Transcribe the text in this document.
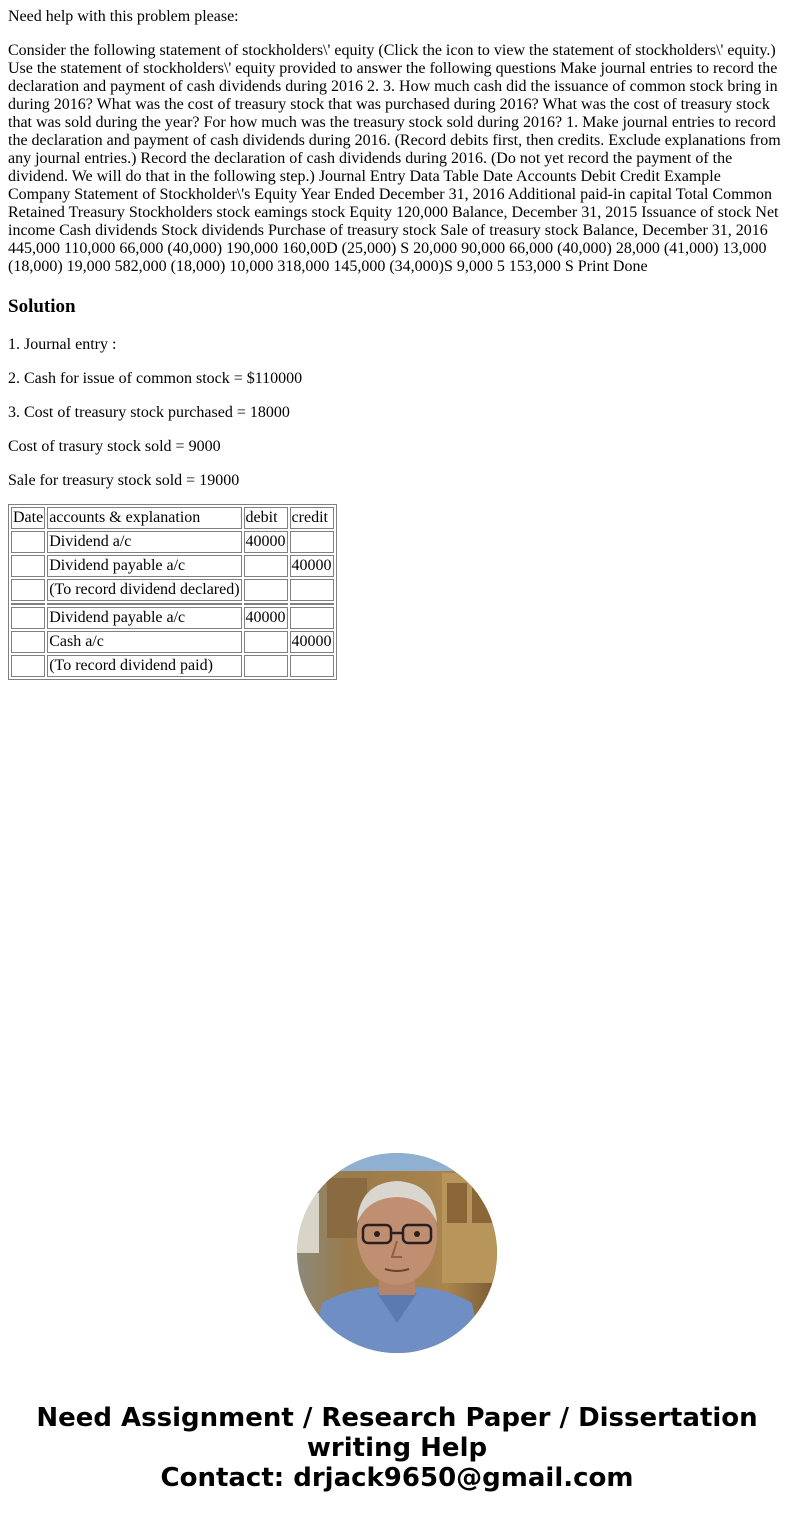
Need help with this problem please:

Consider the following statement of stockholders\' equity (Click the icon to view the statement of stockholders\' equity.) Use the statement of stockholders\' equity provided to answer the following questions Make journal entries to record the declaration and payment of cash dividends during 2016 2. 3. How much cash did the issuance of common stock bring in during 2016? What was the cost of treasury stock that was purchased during 2016? What was the cost of treasury stock that was sold during the year? For how much was the treasury stock sold during 2016? 1. Make journal entries to record the declaration and payment of cash dividends during 2016. (Record debits first, then credits. Exclude explanations from any journal entries.) Record the declaration of cash dividends during 2016. (Do not yet record the payment of the dividend. We will do that in the following step.) Journal Entry Data Table Date Accounts Debit Credit Example Company Statement of Stockholder\'s Equity Year Ended December 31, 2016 Additional paid-in capital Total Common Retained Treasury Stockholders stock eamings stock Equity 120,000 Balance, December 31, 2015 Issuance of stock Net income Cash dividends Stock dividends Purchase of treasury stock Sale of treasury stock Balance, December 31, 2016 445,000 110,000 66,000 (40,000) 190,000 160,00D (25,000) S 20,000 90,000 66,000 (40,000) 28,000 (41,000) 13,000 (18,000) 19,000 582,000 (18,000) 10,000 318,000 145,000 (34,000)S 9,000 5 153,000 S Print Done

Solution

1. Journal entry :

2. Cash for issue of common stock = $110000

3. Cost of treasury stock purchased = 18000

Cost of trasury stock sold = 9000

Sale for treasury stock sold = 19000

Date	accounts & explanation	debit	credit
	Dividend a/c	40000	
	Dividend payable a/c		40000
	(To record dividend declared)		

	Dividend payable a/c	40000	
	Cash a/c		40000
	(To record dividend paid)		
Need Assignment / Research Paper / Dissertation
writing Help
Contact: drjack9650@gmail.com
